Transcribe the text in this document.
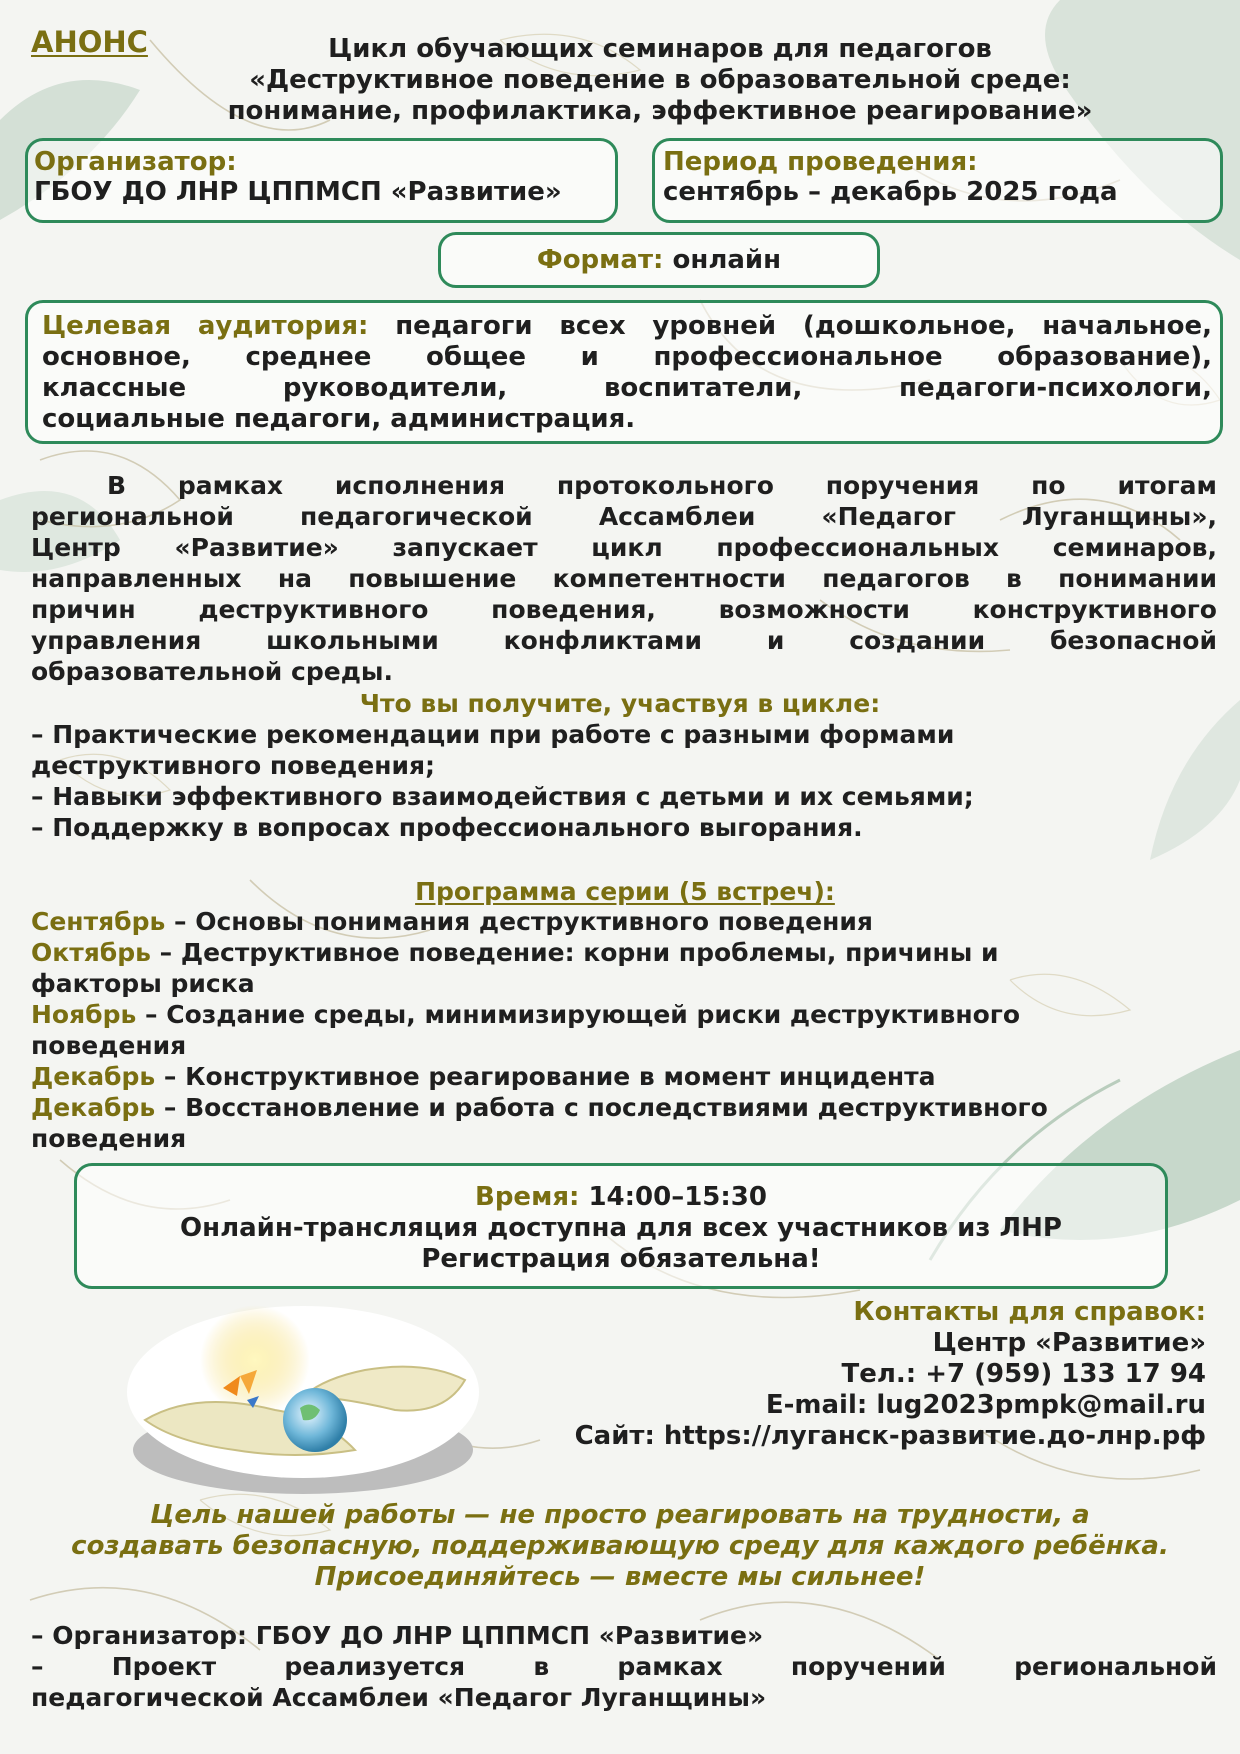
АНОНС	Цикл обучающих семинаров для педагогов
«Деструктивное поведение в образовательной среде:
понимание, профилактика, эффективное реагирование»
Организатор:
ГБОУ ДО ЛНР ЦППМСП «Развитие»
Период проведения:
сентябрь – декабрь 2025 года
Формат: онлайн
Целевая аудитория: педагоги всех уровней (дошкольное, начальное,
основное, среднее общее и профессиональное образование),
классные руководители, воспитатели, педагоги-психологи,
социальные педагоги, администрация.
В рамках исполнения протокольного поручения по итогам
региональной педагогической Ассамблеи «Педагог Луганщины»,
Центр «Развитие» запускает цикл профессиональных семинаров,
направленных на повышение компетентности педагогов в понимании
причин деструктивного поведения, возможности конструктивного
управления школьными конфликтами и создании безопасной
образовательной среды.
Что вы получите, участвуя в цикле:
– Практические рекомендации при работе с разными формами
деструктивного поведения;
– Навыки эффективного взаимодействия с детьми и их семьями;
– Поддержку в вопросах профессионального выгорания.
Программа серии (5 встреч):
Сентябрь – Основы понимания деструктивного поведения
Октябрь – Деструктивное поведение: корни проблемы, причины и
факторы риска
Ноябрь – Создание среды, минимизирующей риски деструктивного
поведения
Декабрь – Конструктивное реагирование в момент инцидента
Декабрь – Восстановление и работа с последствиями деструктивного
поведения
Время: 14:00–15:30
Онлайн-трансляция доступна для всех участников из ЛНР
Регистрация обязательна!
Контакты для справок:
Центр «Развитие»
Тел.: +7 (959) 133 17 94
E-mail: lug2023pmpk@mail.ru
Сайт: https://луганск-развитие.до-лнр.рф
Цель нашей работы — не просто реагировать на трудности, а
создавать безопасную, поддерживающую среду для каждого ребёнка.
Присоединяйтесь — вместе мы сильнее!
– Организатор: ГБОУ ДО ЛНР ЦППМСП «Развитие»
– Проект реализуется в рамках поручений региональной
педагогической Ассамблеи «Педагог Луганщины»
